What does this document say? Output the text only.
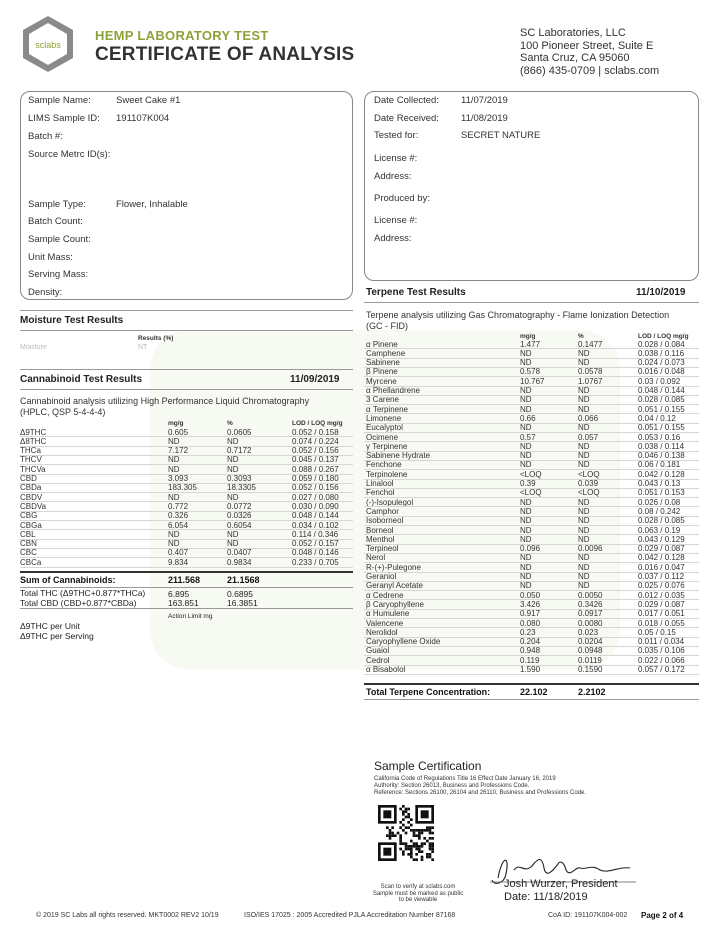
sclabs
HEMP LABORATORY TEST
CERTIFICATE OF ANALYSIS
SC Laboratories, LLC
100 Pioneer Street, Suite E
Santa Cruz, CA 95060
(866) 435-0709 | sclabs.com
Sample Name:	Sweet Cake #1
LIMS Sample ID: 191107K004
Batch #:
Source Metrc ID(s):
Sample Type:	Flower, Inhalable
Batch Count:
Sample Count:
Unit Mass:
Serving Mass:
Density:
Date Collected: 11/07/2019
Date Received: 11/08/2019
Tested for:	SECRET NATURE
License #:
Address:
Produced by:
License #:
Address:
Moisture Test Results
Results (%)
Moisture	NT
Cannabinoid Test Results	11/09/2019
Cannabinoid analysis utilizing High Performance Liquid Chromatography (HPLC, QSP 5-4-4-4)
mg/g	%	LOD / LOQ mg/g
Δ9THC	0.605	0.0605	0.052 / 0.158
Δ8THC	ND	ND	0.074 / 0.224
THCa	7.172	0.7172	0.052 / 0.156
THCV	ND	ND	0.045 / 0.137
THCVa	ND	ND	0.088 / 0.267
CBD	3.093	0.3093	0.059 / 0.180
CBDa	183.305	18.3305	0.052 / 0.156
CBDV	ND	ND	0.027 / 0.080
CBDVa	0.772	0.0772	0.030 / 0.090
CBG	0.326	0.0326	0.048 / 0.144
CBGa	6.054	0.6054	0.034 / 0.102
CBL	ND	ND	0.114 / 0.346
CBN	ND	ND	0.052 / 0.157
CBC	0.407	0.0407	0.048 / 0.146
CBCa	9.834	0.9834	0.233 / 0.705
Sum of Cannabinoids:	211.568	21.1568
Total THC (Δ9THC+0.877*THCa)	6.895	0.6895
Total CBD (CBD+0.877*CBDa)	163.851	16.3851
Action Limit mg
Δ9THC per Unit
Δ9THC per Serving
Terpene Test Results	11/10/2019
Terpene analysis utilizing Gas Chromatography - Flame Ionization Detection (GC - FID)
mg/g	%	LOD / LOQ mg/g
α Pinene	1.477	0.1477	0.028 / 0.084
Camphene	ND	ND	0.038 / 0.116
Sabinene	ND	ND	0.024 / 0.073
β Pinene	0.578	0.0578	0.016 / 0.048
Myrcene	10.767	1.0767	0.03 / 0.092
α Phellandrene	ND	ND	0.048 / 0.144
3 Carene	ND	ND	0.028 / 0.085
α Terpinene	ND	ND	0.051 / 0.155
Limonene	0.66	0.066	0.04 / 0.12
Eucalyptol	ND	ND	0.051 / 0.155
Ocimene	0.57	0.057	0.053 / 0.16
γ Terpinene	ND	ND	0.038 / 0.114
Sabinene Hydrate	ND	ND	0.046 / 0.138
Fenchone	ND	ND	0.06 / 0.181
Terpinolene	<LOQ	<LOQ	0.042 / 0.128
Linalool	0.39	0.039	0.043 / 0.13
Fenchol	<LOQ	<LOQ	0.051 / 0.153
(-)-Isopulegol	ND	ND	0.026 / 0.08
Camphor	ND	ND	0.08 / 0.242
Isoborneol	ND	ND	0.028 / 0.085
Borneol	ND	ND	0.063 / 0.19
Menthol	ND	ND	0.043 / 0.129
Terpineol	0.096	0.0096	0.029 / 0.087
Nerol	ND	ND	0.042 / 0.128
R-(+)-Pulegone	ND	ND	0.016 / 0.047
Geraniol	ND	ND	0.037 / 0.112
Geranyl Acetate	ND	ND	0.025 / 0.076
α Cedrene	0.050	0.0050	0.012 / 0.035
β Caryophyllene	3.426	0.3426	0.029 / 0.087
α Humulene	0.917	0.0917	0.017 / 0.051
Valencene	0.080	0.0080	0.018 / 0.055
Nerolidol	0.23	0.023	0.05 / 0.15
Caryophyllene Oxide	0.204	0.0204	0.011 / 0.034
Guaiol	0.948	0.0948	0.035 / 0.106
Cedrol	0.119	0.0119	0.022 / 0.066
α Bisabolol	1.590	0.1590	0.057 / 0.172
Total Terpene Concentration:	22.102	2.2102
Sample Certification
California Code of Regulations Title 16 Effect Date January 16, 2019
Authority: Section 26013, Business and Professions Code.
Reference: Sections 26100, 26104 and 26110, Business and Professions Code.
Scan to verify at sclabs.com Sample must be marked as public to be viewable
Josh Wurzer, President
Date: 11/18/2019
© 2019 SC Labs all rights reserved. MKT0002 REV2 10/19	ISO/IES 17025 : 2005 Accredited PJLA Accreditation Number 87168	CoA ID: 191107K004-002 Page 2 of 4
